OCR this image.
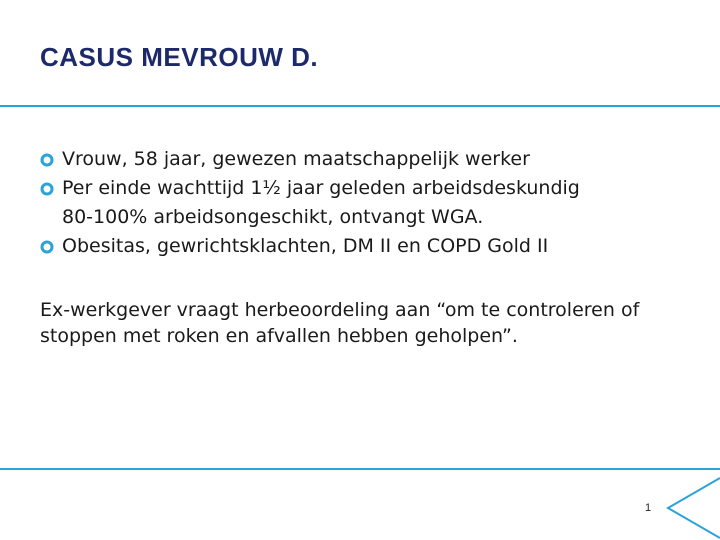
CASUS MEVROUW D.
Vrouw, 58 jaar, gewezen maatschappelijk werker
Per einde wachttijd 1½ jaar geleden arbeidsdeskundig
80-100% arbeidsongeschikt, ontvangt WGA.
Obesitas, gewrichtsklachten, DM II en COPD Gold II

Ex-werkgever vraagt herbeoordeling aan “om te controleren of stoppen met roken en afvallen hebben geholpen”.

1
